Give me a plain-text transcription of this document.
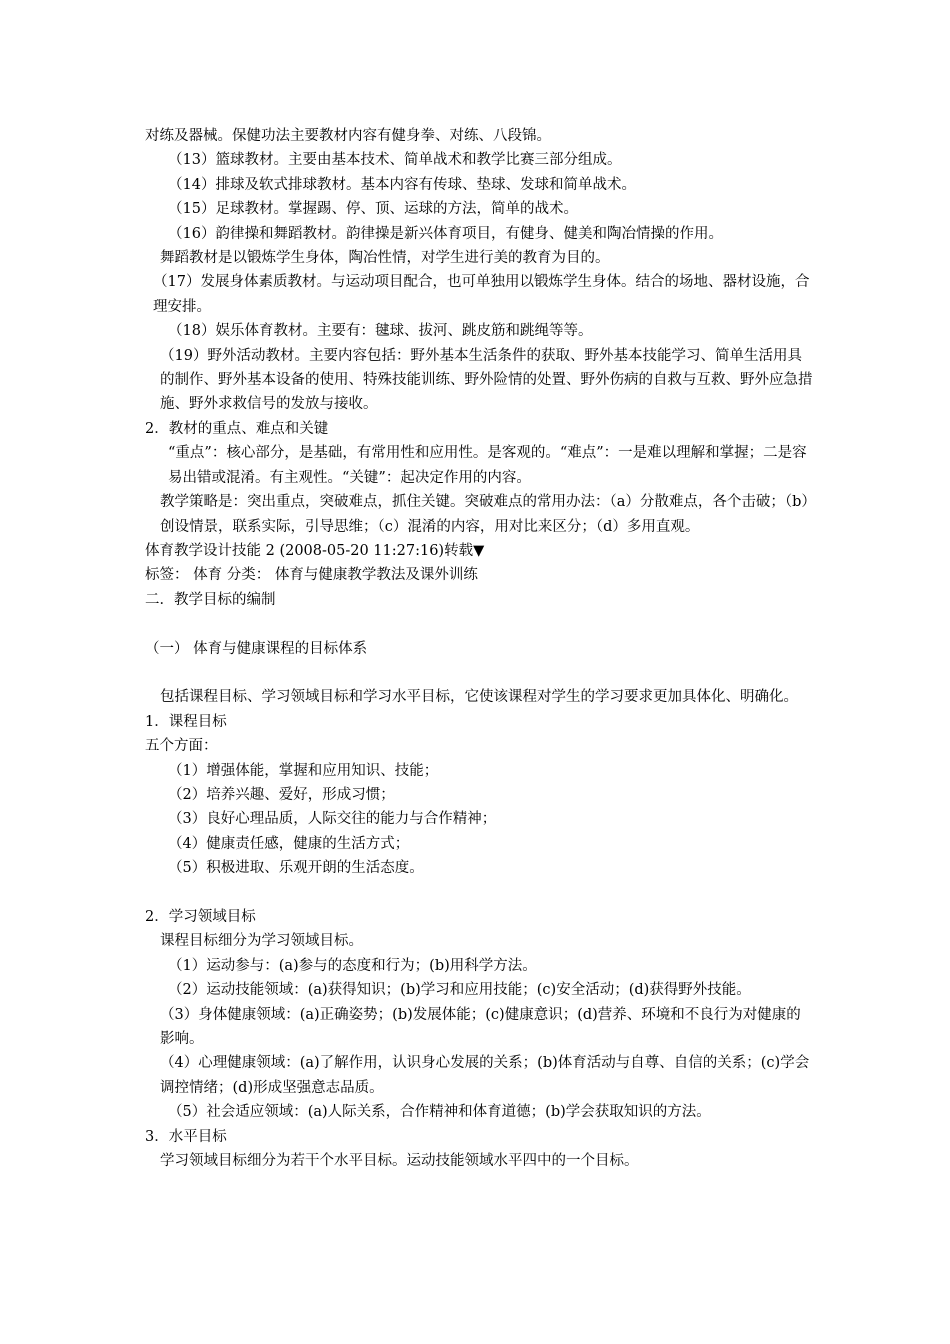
对练及器械。保健功法主要教材内容有健身拳、对练、八段锦。

（13）篮球教材。主要由基本技术、简单战术和教学比赛三部分组成。

（14）排球及软式排球教材。基本内容有传球、垫球、发球和简单战术。

（15）足球教材。掌握踢、停、顶、运球的方法，简单的战术。

（16）韵律操和舞蹈教材。韵律操是新兴体育项目，有健身、健美和陶冶情操的作用。

舞蹈教材是以锻炼学生身体，陶冶性情，对学生进行美的教育为目的。

（17）发展身体素质教材。与运动项目配合，也可单独用以锻炼学生身体。结合的场地、器材设施，合理安排。

（18）娱乐体育教材。主要有：毽球、拔河、跳皮筋和跳绳等等。

（19）野外活动教材。主要内容包括：野外基本生活条件的获取、野外基本技能学习、简单生活用具的制作、野外基本设备的使用、特殊技能训练、野外险情的处置、野外伤病的自救与互救、野外应急措施、野外求救信号的发放与接收。

2．教材的重点、难点和关键

“重点”：核心部分，是基础，有常用性和应用性。是客观的。“难点”：一是难以理解和掌握；二是容易出错或混淆。有主观性。“关键”：起决定作用的内容。

教学策略是：突出重点，突破难点，抓住关键。突破难点的常用办法：（a）分散难点，各个击破；（b）创设情景，联系实际，引导思维；（c）混淆的内容，用对比来区分；（d）多用直观。

体育教学设计技能 2 (2008-05-20 11:27:16)转载▼

标签： 体育 分类： 体育与健康教学教法及课外训练

二．教学目标的编制

（一） 体育与健康课程的目标体系

包括课程目标、学习领域目标和学习水平目标，它使该课程对学生的学习要求更加具体化、明确化。

1．课程目标

五个方面：

（1）增强体能，掌握和应用知识、技能；

（2）培养兴趣、爱好，形成习惯；

（3）良好心理品质，人际交往的能力与合作精神；

（4）健康责任感，健康的生活方式；

（5）积极进取、乐观开朗的生活态度。

2．学习领域目标

课程目标细分为学习领域目标。

（1）运动参与：(a)参与的态度和行为；(b)用科学方法。

（2）运动技能领域：(a)获得知识；(b)学习和应用技能；(c)安全活动；(d)获得野外技能。

（3）身体健康领域：(a)正确姿势；(b)发展体能；(c)健康意识；(d)营养、环境和不良行为对健康的影响。

（4）心理健康领域：(a)了解作用，认识身心发展的关系；(b)体育活动与自尊、自信的关系；(c)学会调控情绪；(d)形成坚强意志品质。

（5）社会适应领域：(a)人际关系，合作精神和体育道德；(b)学会获取知识的方法。

3．水平目标

学习领域目标细分为若干个水平目标。运动技能领域水平四中的一个目标。
